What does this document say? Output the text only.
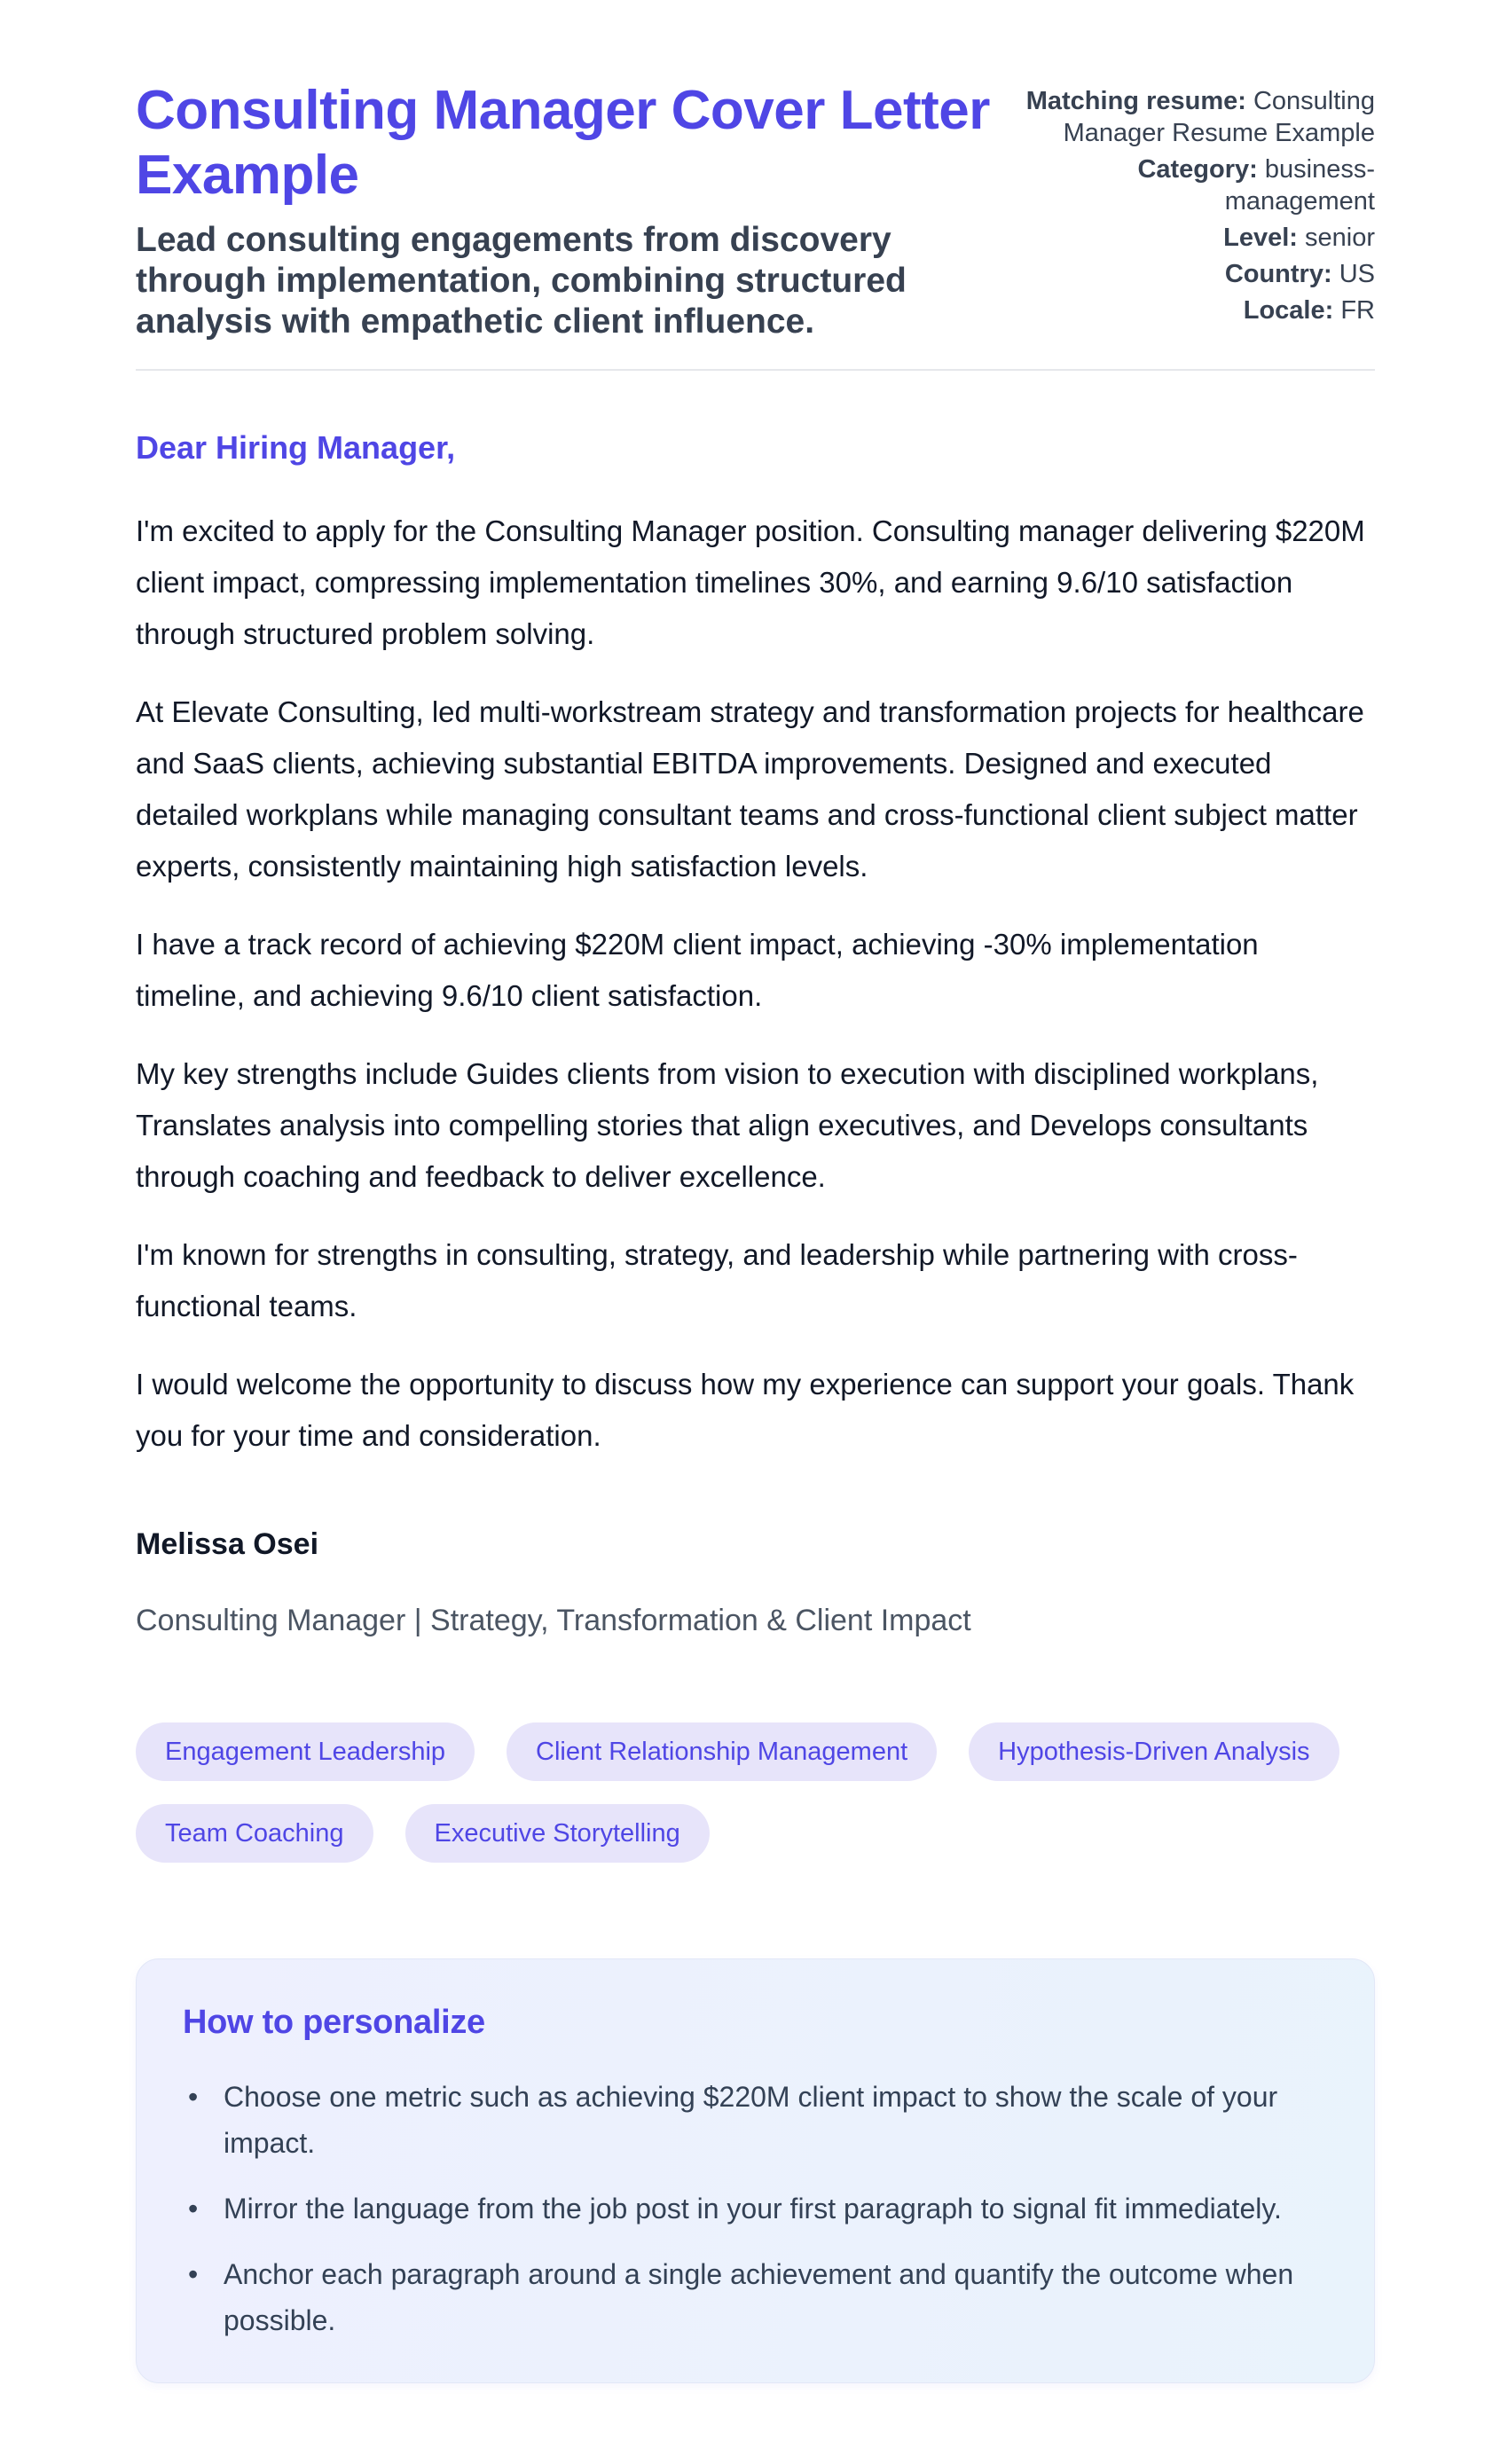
Consulting Manager Cover Letter Example

Lead consulting engagements from discovery through implementation, combining structured analysis with empathetic client influence.

Matching resume: Consulting Manager Resume Example
Category: business-management
Level: senior
Country: US
Locale: FR

Dear Hiring Manager,

I'm excited to apply for the Consulting Manager position. Consulting manager delivering $220M client impact, compressing implementation timelines 30%, and earning 9.6/10 satisfaction through structured problem solving.

At Elevate Consulting, led multi-workstream strategy and transformation projects for healthcare and SaaS clients, achieving substantial EBITDA improvements. Designed and executed detailed workplans while managing consultant teams and cross-functional client subject matter experts, consistently maintaining high satisfaction levels.

I have a track record of achieving $220M client impact, achieving -30% implementation timeline, and achieving 9.6/10 client satisfaction.

My key strengths include Guides clients from vision to execution with disciplined workplans, Translates analysis into compelling stories that align executives, and Develops consultants through coaching and feedback to deliver excellence.

I'm known for strengths in consulting, strategy, and leadership while partnering with cross-functional teams.

I would welcome the opportunity to discuss how my experience can support your goals. Thank you for your time and consideration.

Melissa Osei

Consulting Manager | Strategy, Transformation & Client Impact

Engagement Leadership	Client Relationship Management	Hypothesis-Driven Analysis
Team Coaching	Executive Storytelling
How to personalize
• Choose one metric such as achieving $220M client impact to show the scale of your impact.
• Mirror the language from the job post in your first paragraph to signal fit immediately.
• Anchor each paragraph around a single achievement and quantify the outcome when possible.
